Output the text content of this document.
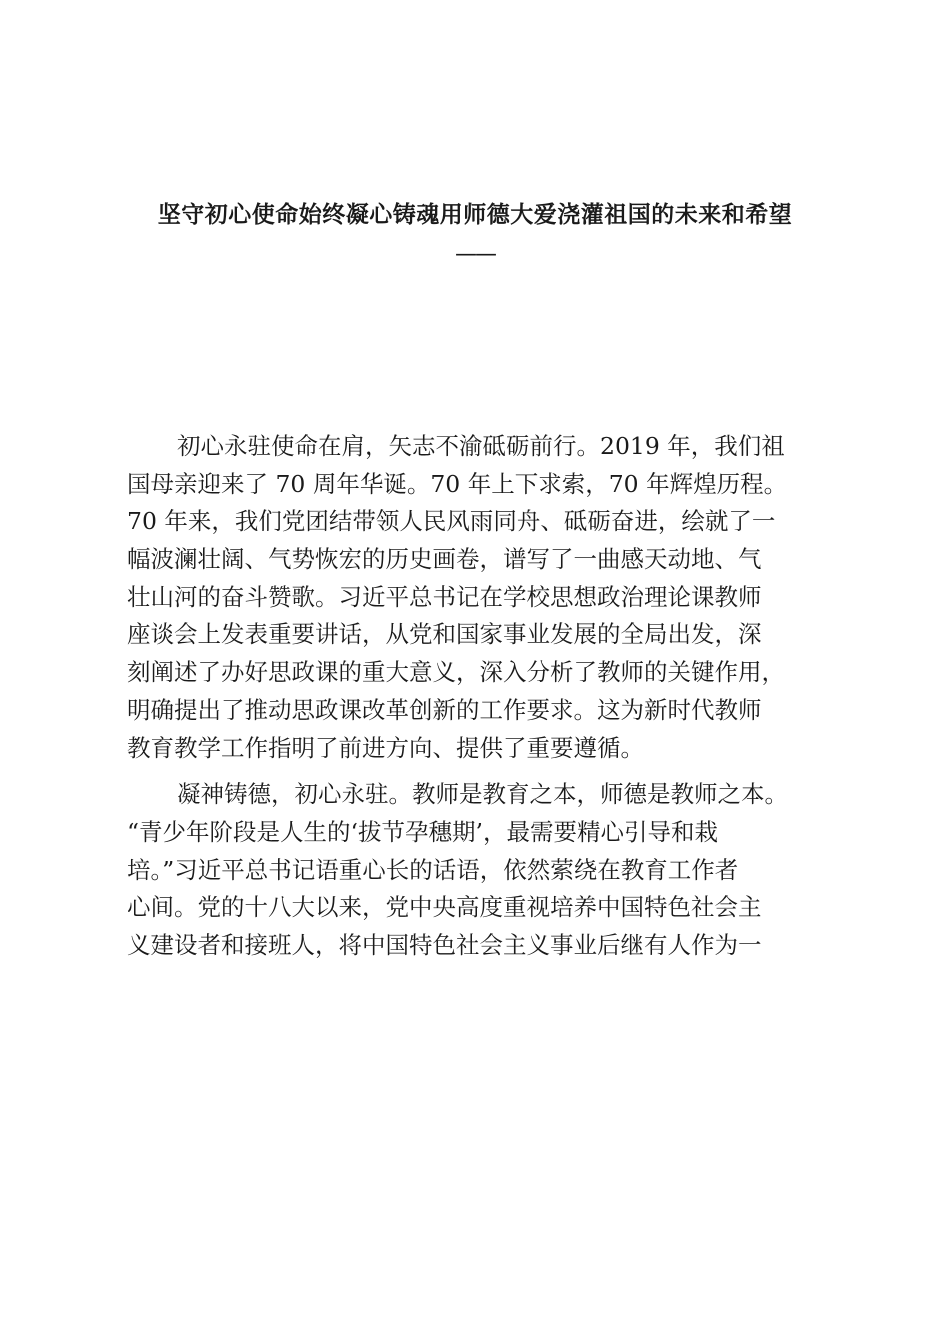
坚守初心使命始终凝心铸魂用师德大爱浇灌祖国的未来和希望
——
初心永驻使命在肩，矢志不渝砥砺前行。2019 年，我们祖
国母亲迎来了 70 周年华诞。70 年上下求索，70 年辉煌历程。
70 年来，我们党团结带领人民风雨同舟、砥砺奋进，绘就了一
幅波澜壮阔、气势恢宏的历史画卷，谱写了一曲感天动地、气
壮山河的奋斗赞歌。习近平总书记在学校思想政治理论课教师
座谈会上发表重要讲话，从党和国家事业发展的全局出发，深
刻阐述了办好思政课的重大意义，深入分析了教师的关键作用，
明确提出了推动思政课改革创新的工作要求。这为新时代教师
教育教学工作指明了前进方向、提供了重要遵循。
凝神铸德，初心永驻。教师是教育之本，师德是教师之本。
“青少年阶段是人生的‘拔节孕穗期’，最需要精心引导和栽
培。”习近平总书记语重心长的话语，依然萦绕在教育工作者
心间。党的十八大以来，党中央高度重视培养中国特色社会主
义建设者和接班人，将中国特色社会主义事业后继有人作为一
